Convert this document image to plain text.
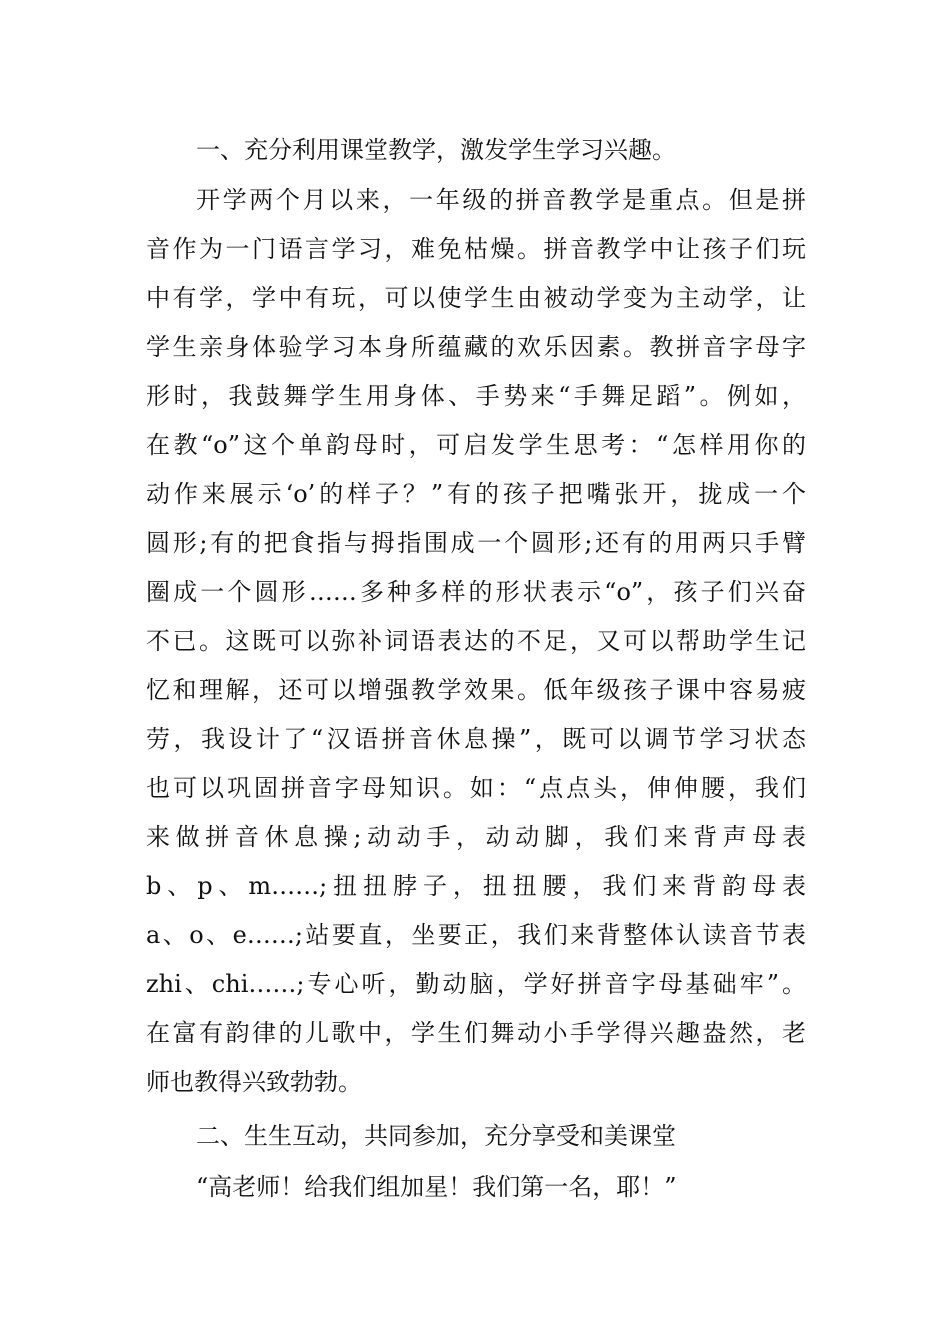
一、充分利用课堂教学，激发学生学习兴趣。
开学两个月以来，一年级的拼音教学是重点。但是拼
音作为一门语言学习，难免枯燥。拼音教学中让孩子们玩
中有学，学中有玩，可以使学生由被动学变为主动学，让
学生亲身体验学习本身所蕴藏的欢乐因素。教拼音字母字
形时，我鼓舞学生用身体、手势来“手舞足蹈”。例如，
在教“o”这个单韵母时，可启发学生思考：“怎样用你的
动作来展示‘o’的样子？”有的孩子把嘴张开，拢成一个
圆形;有的把食指与拇指围成一个圆形;还有的用两只手臂
圈成一个圆形……多种多样的形状表示“o”，孩子们兴奋
不已。这既可以弥补词语表达的不足，又可以帮助学生记
忆和理解，还可以增强教学效果。低年级孩子课中容易疲
劳，我设计了“汉语拼音休息操”，既可以调节学习状态
也可以巩固拼音字母知识。如：“点点头，伸伸腰，我们
来做拼音休息操;动动手，动动脚，我们来背声母表
b、p、m……;扭扭脖子，扭扭腰，我们来背韵母表
a、o、e……;站要直，坐要正，我们来背整体认读音节表
zhi、chi……;专心听，勤动脑，学好拼音字母基础牢”。
在富有韵律的儿歌中，学生们舞动小手学得兴趣盎然，老
师也教得兴致勃勃。
二、生生互动，共同参加，充分享受和美课堂
“高老师！给我们组加星！我们第一名，耶！”
